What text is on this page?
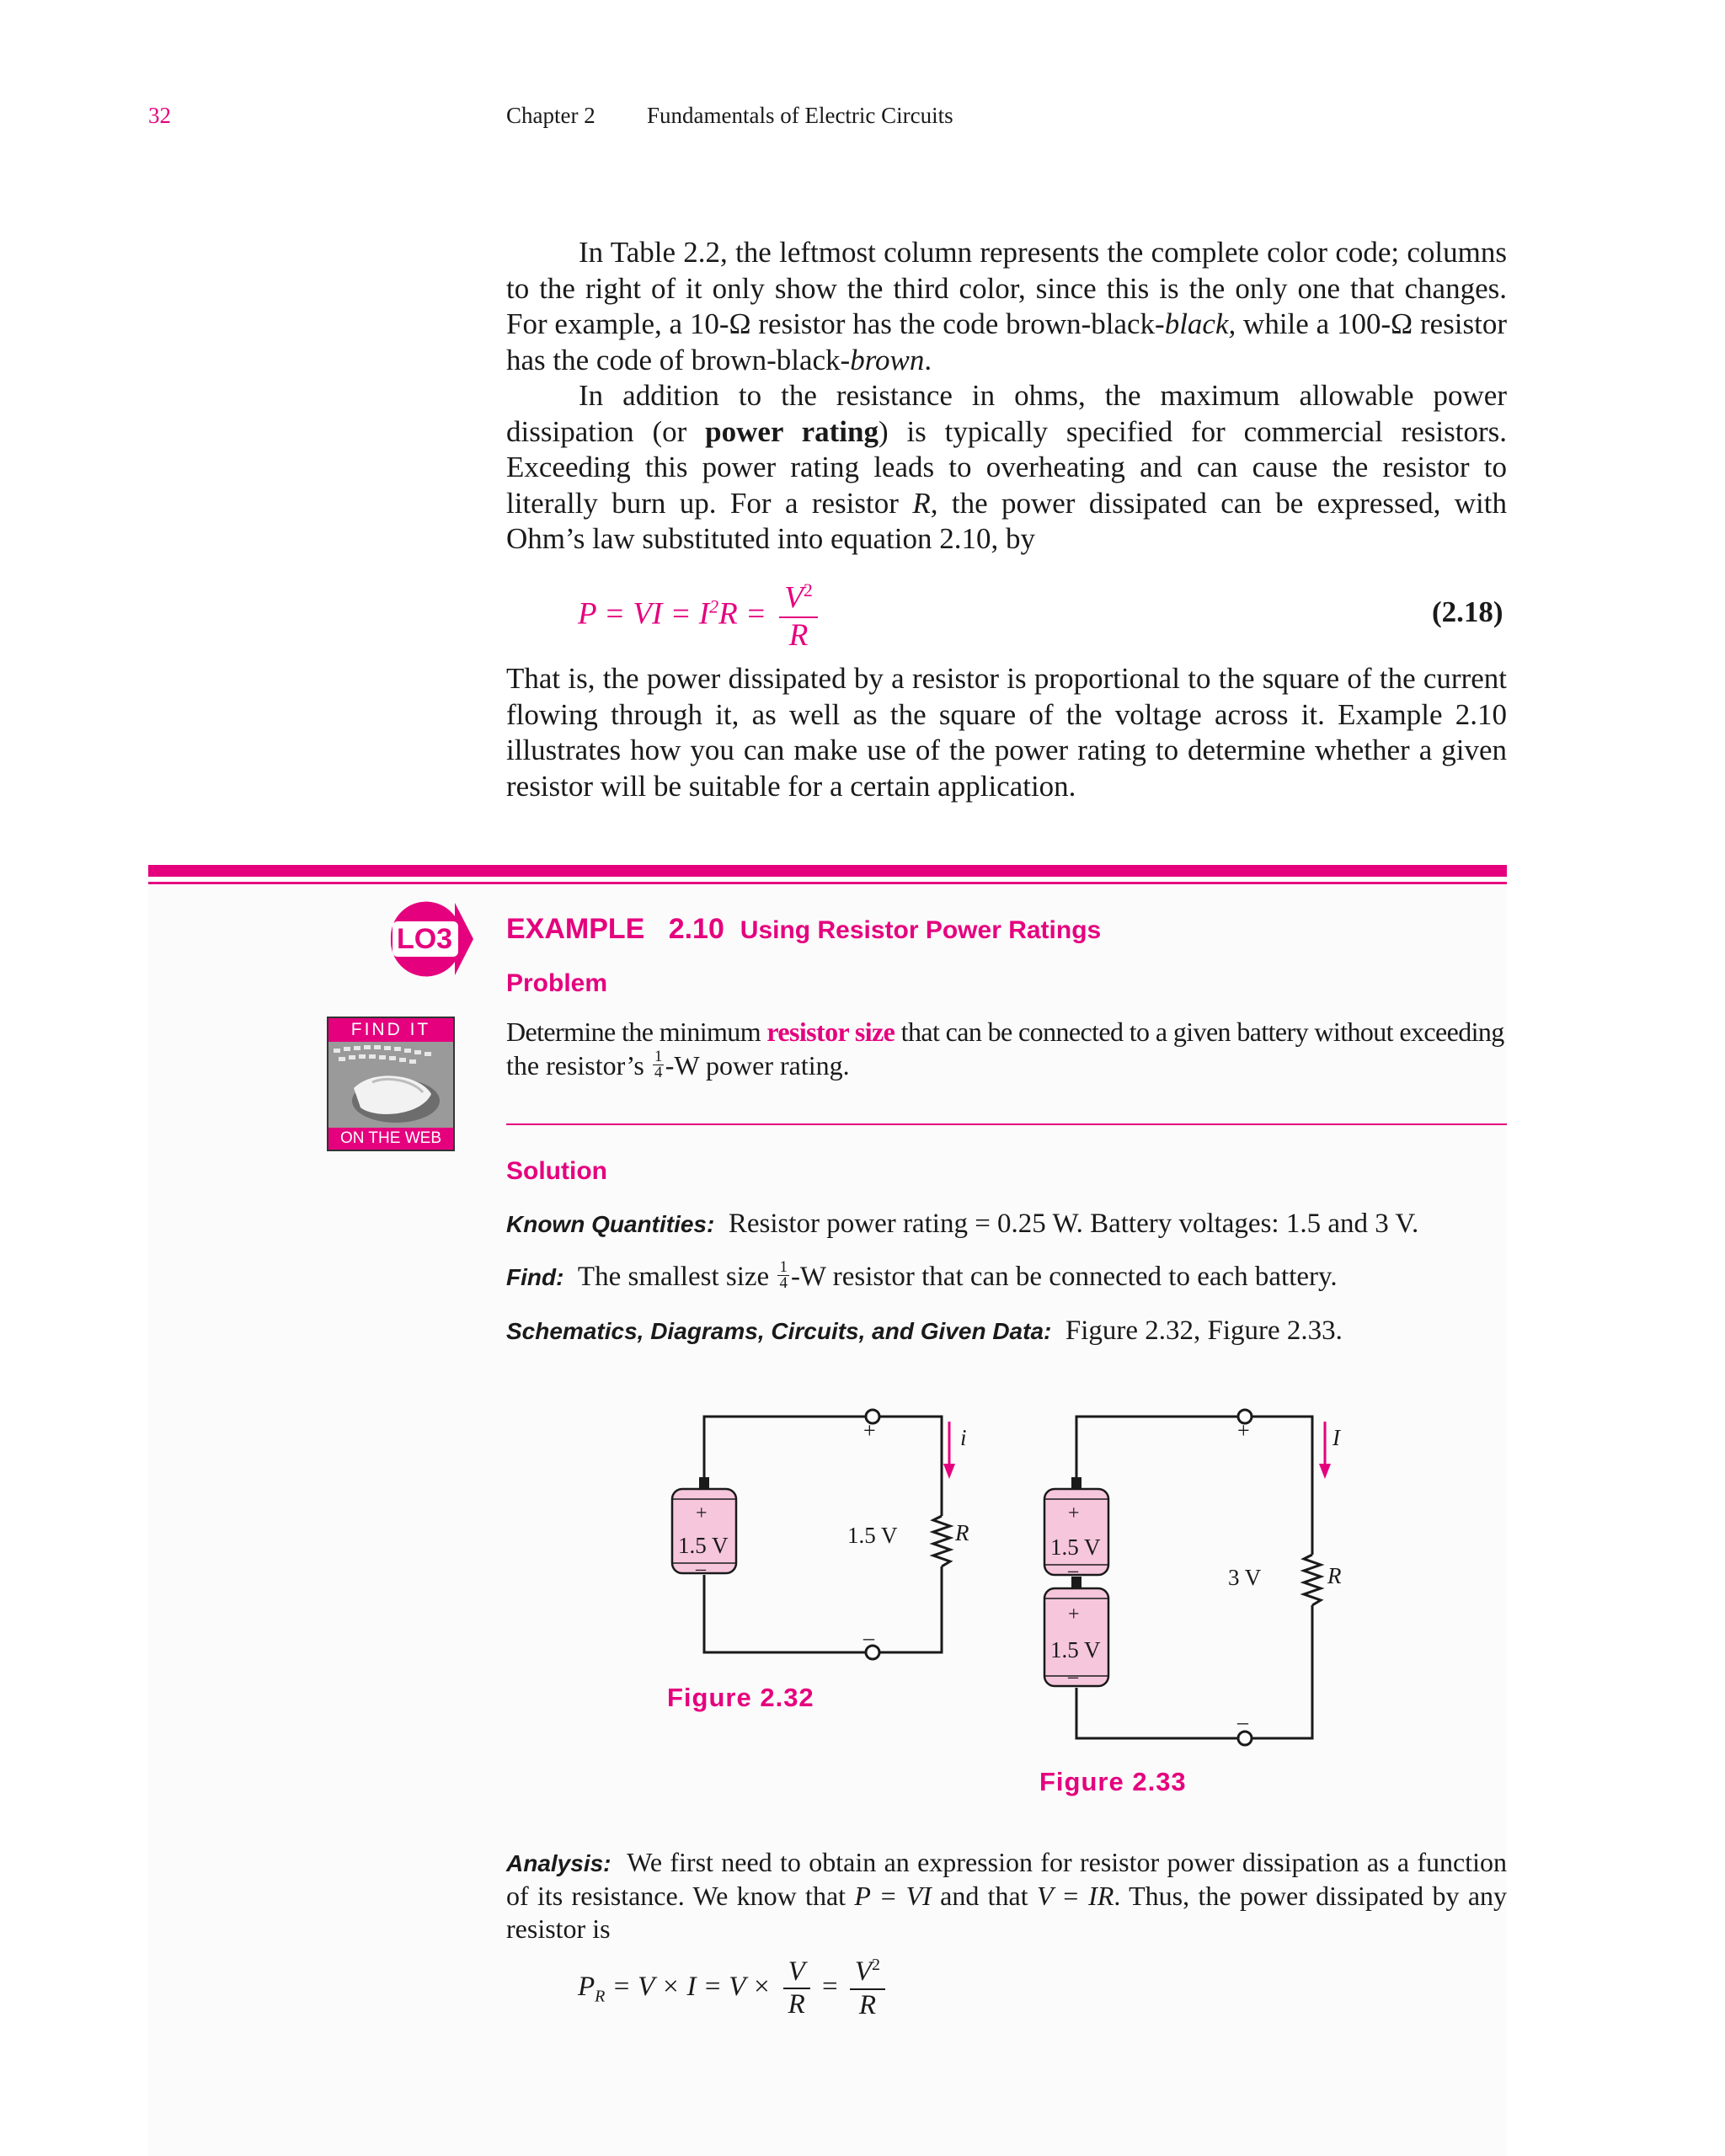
32	Chapter 2 Fundamentals of Electric Circuits

In Table 2.2, the leftmost column represents the complete color code; columns to the right of it only show the third color, since this is the only one that changes. For example, a 10-Ω resistor has the code brown-black-black, while a 100-Ω resistor has the code of brown-black-brown.

In addition to the resistance in ohms, the maximum allowable power dissipation (or power rating) is typically specified for commercial resistors. Exceeding this power rating leads to overheating and can cause the resistor to literally burn up. For a resistor R, the power dissipated can be expressed, with Ohm’s law substituted into equation 2.10, by

P = VI = $I^2R = \frac{V^2}{R}$	(2.18)

That is, the power dissipated by a resistor is proportional to the square of the current flowing through it, as well as the square of the voltage across it. Example 2.10 illustrates how you can make use of the power rating to determine whether a given resistor will be suitable for a certain application.

LO3
FIND IT
ON THE WEB
EXAMPLE 2.10 Using Resistor Power Ratings
Problem
Determine the minimum resistor size that can be connected to a given battery without exceeding
the resistor’s $\frac{1}{4} -W$ power rating.
Solution
Known Quantities: Resistor power rating = 0.25 W. Battery voltages: 1.5 and 3 V.
Find: The smallest size $\frac{1}{4} -W$ resistor that can be connected to each battery.
Schematics, Diagrams, Circuits, and Given Data: Figure 2.32, Figure 2.33.
+
–
+
–
1.5 V	1.5 V	R
i
Figure 2.32
+
–
+
–
1.5 V
+
–
1.5 V
3 V	R
I
Figure 2.33
Analysis: We first need to obtain an expression for resistor power dissipation as a function of its resistance. We know that P = VI and that V = IR. Thus, the power dissipated by any resistor is
$P_R = V \times I = V \times \frac{V}{R} = \frac{V^2}{R}$
